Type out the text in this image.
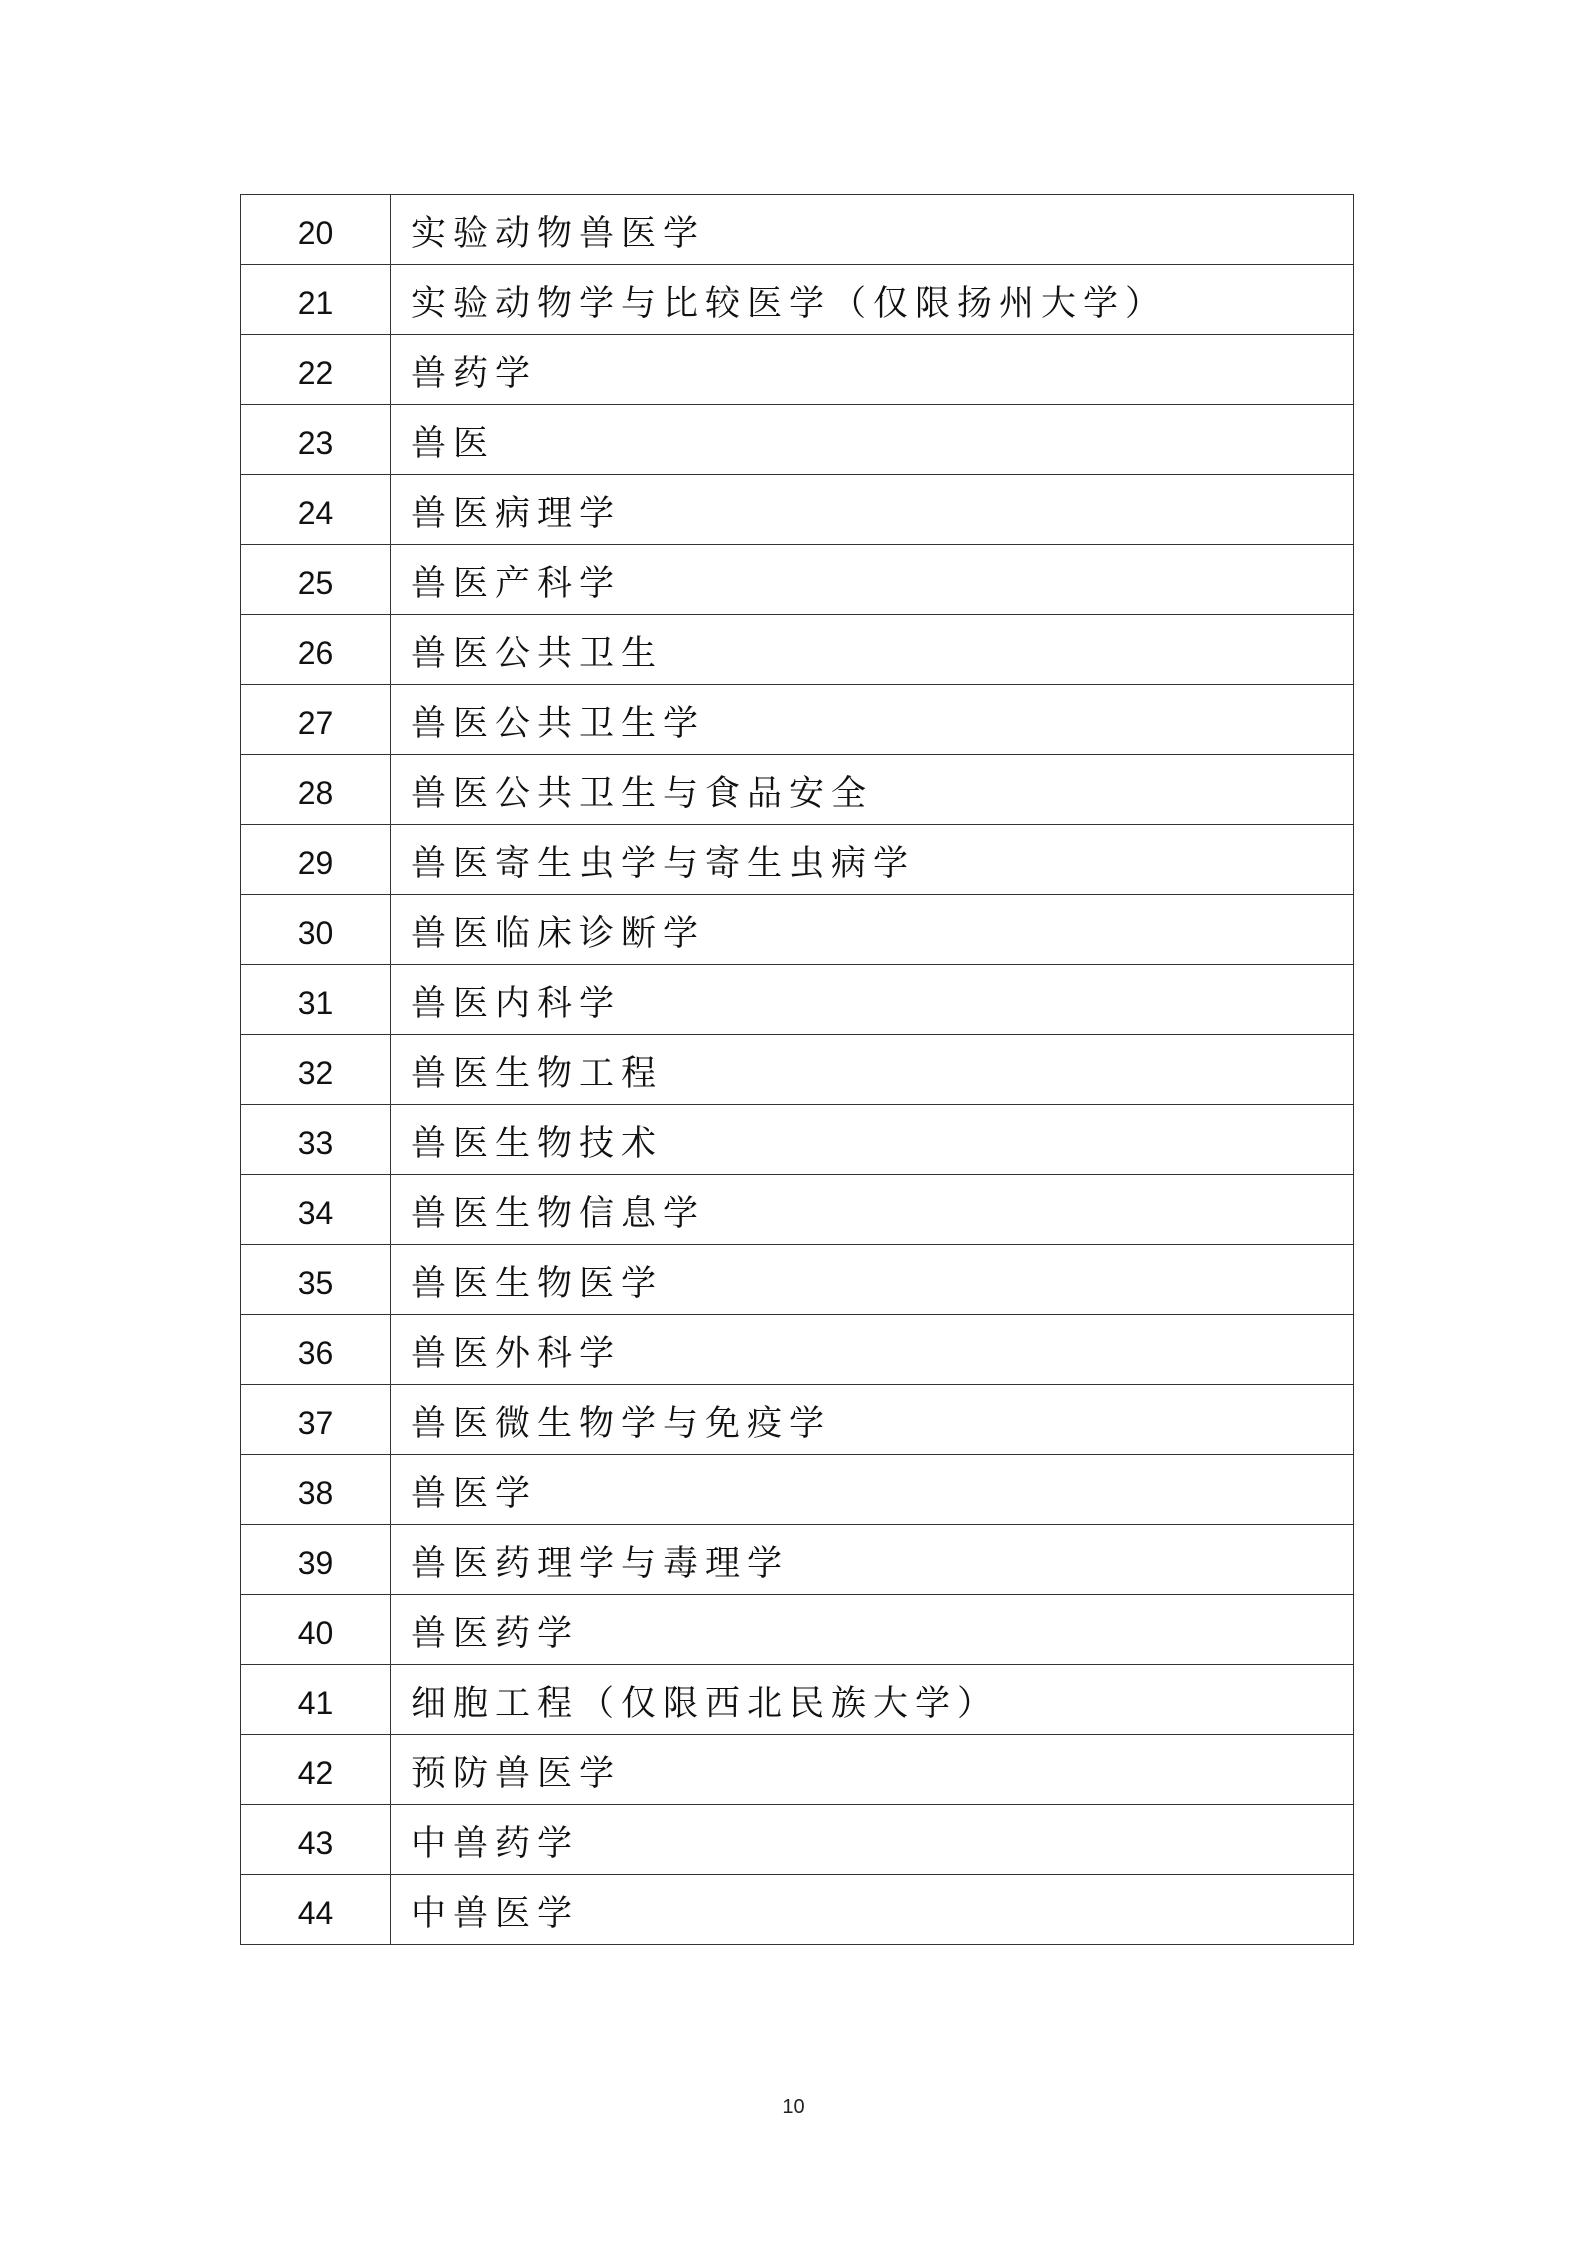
20	实验动物兽医学
21	实验动物学与比较医学（仅限扬州大学）
22	兽药学
23	兽医
24	兽医病理学
25	兽医产科学
26	兽医公共卫生
27	兽医公共卫生学
28	兽医公共卫生与食品安全
29	兽医寄生虫学与寄生虫病学
30	兽医临床诊断学
31	兽医内科学
32	兽医生物工程
33	兽医生物技术
34	兽医生物信息学
35	兽医生物医学
36	兽医外科学
37	兽医微生物学与免疫学
38	兽医学
39	兽医药理学与毒理学
40	兽医药学
41	细胞工程（仅限西北民族大学）
42	预防兽医学
43	中兽药学
44	中兽医学
10
